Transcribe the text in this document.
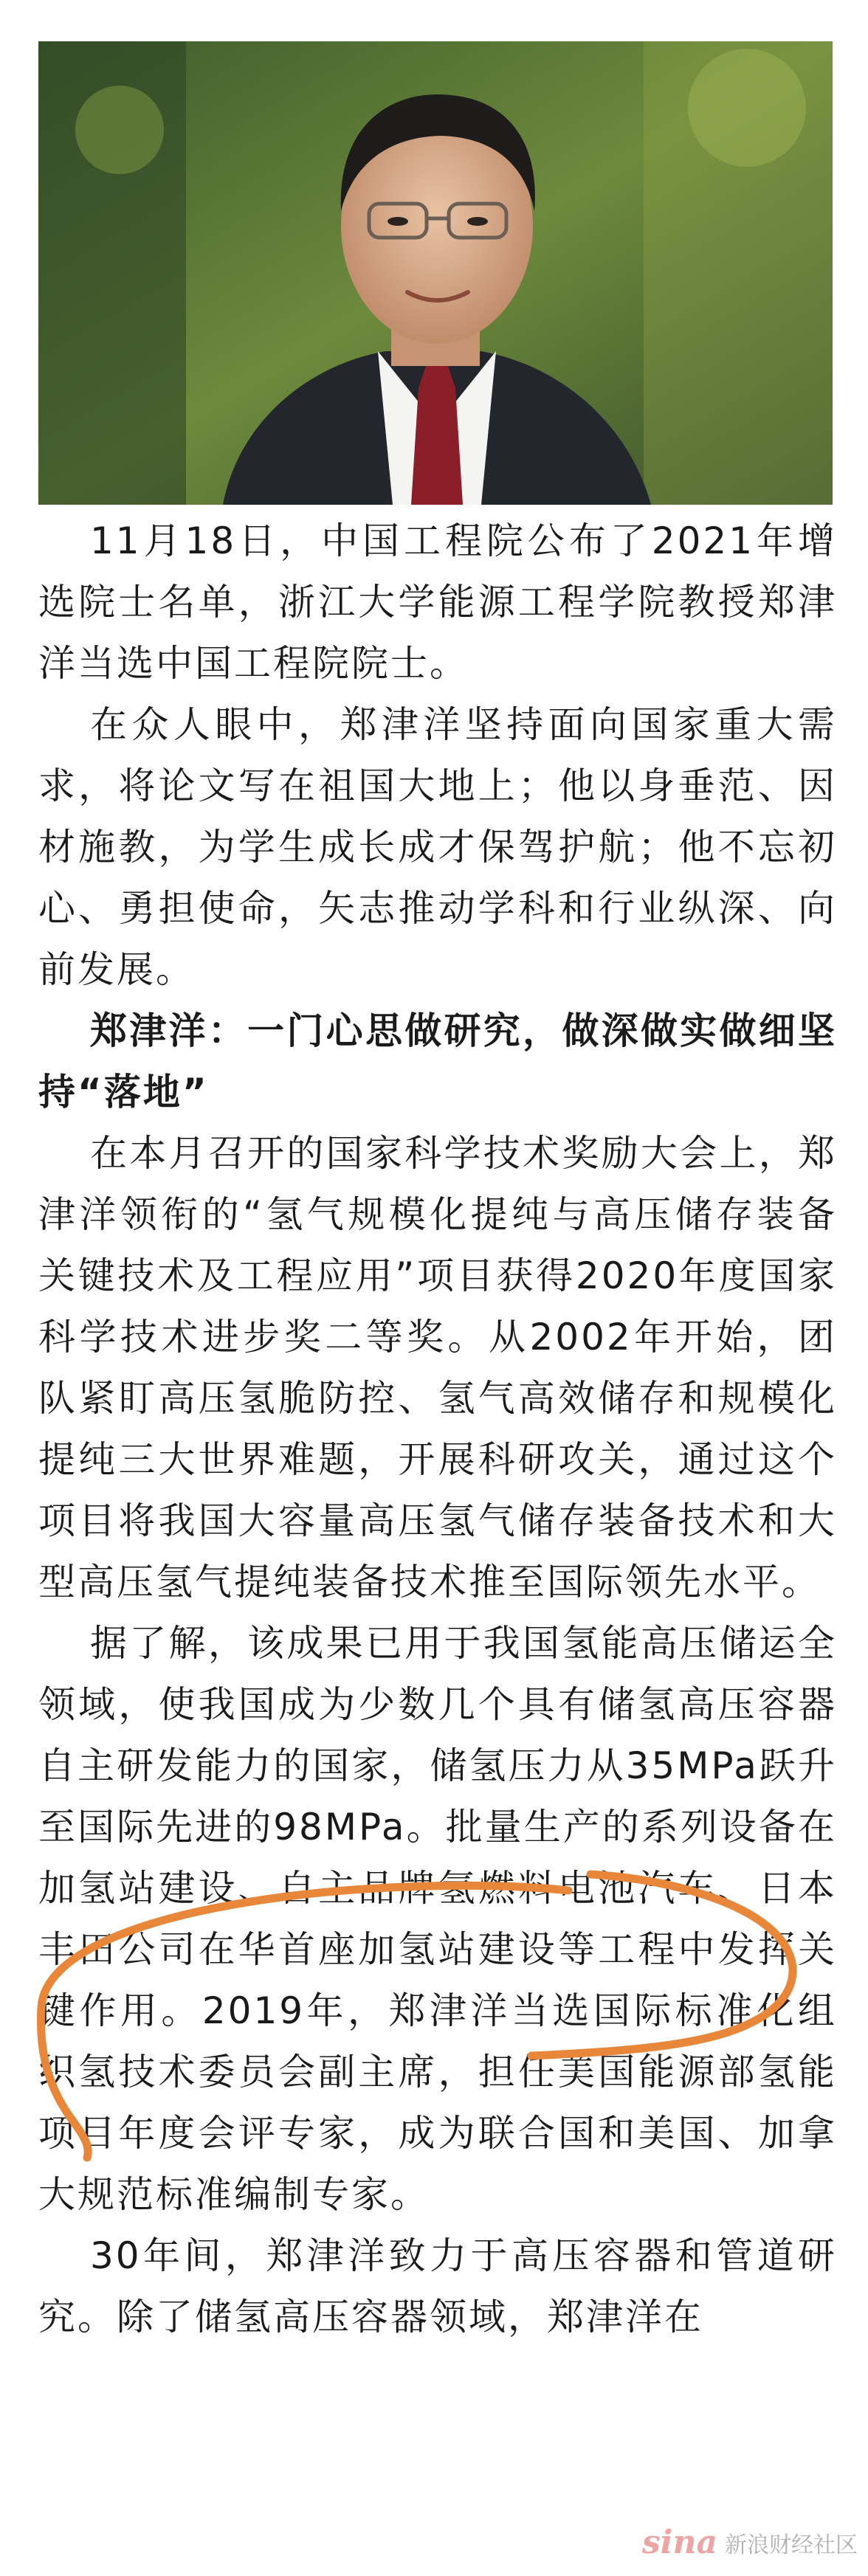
11月18日，中国工程院公布了2021年增选院士名单，浙江大学能源工程学院教授郑津洋当选中国工程院院士。

在众人眼中，郑津洋坚持面向国家重大需求，将论文写在祖国大地上；他以身垂范、因材施教，为学生成长成才保驾护航；他不忘初心、勇担使命，矢志推动学科和行业纵深、向前发展。

郑津洋：一门心思做研究，做深做实做细坚持“落地”

在本月召开的国家科学技术奖励大会上，郑津洋领衔的“氢气规模化提纯与高压储存装备关键技术及工程应用”项目获得2020年度国家科学技术进步奖二等奖。从2002年开始，团队紧盯高压氢脆防控、氢气高效储存和规模化提纯三大世界难题，开展科研攻关，通过这个项目将我国大容量高压氢气储存装备技术和大型高压氢气提纯装备技术推至国际领先水平。

据了解，该成果已用于我国氢能高压储运全领域，使我国成为少数几个具有储氢高压容器自主研发能力的国家，储氢压力从35MPa跃升至国际先进的98MPa。批量生产的系列设备在加氢站建设、自主品牌氢燃料电池汽车、日本丰田公司在华首座加氢站建设等工程中发挥关键作用。2019年，郑津洋当选国际标准化组织氢技术委员会副主席，担任美国能源部氢能项目年度会评专家，成为联合国和美国、加拿大规范标准编制专家。

30年间，郑津洋致力于高压容器和管道研究。除了储氢高压容器领域，郑津洋在

sina 新浪财经社区
